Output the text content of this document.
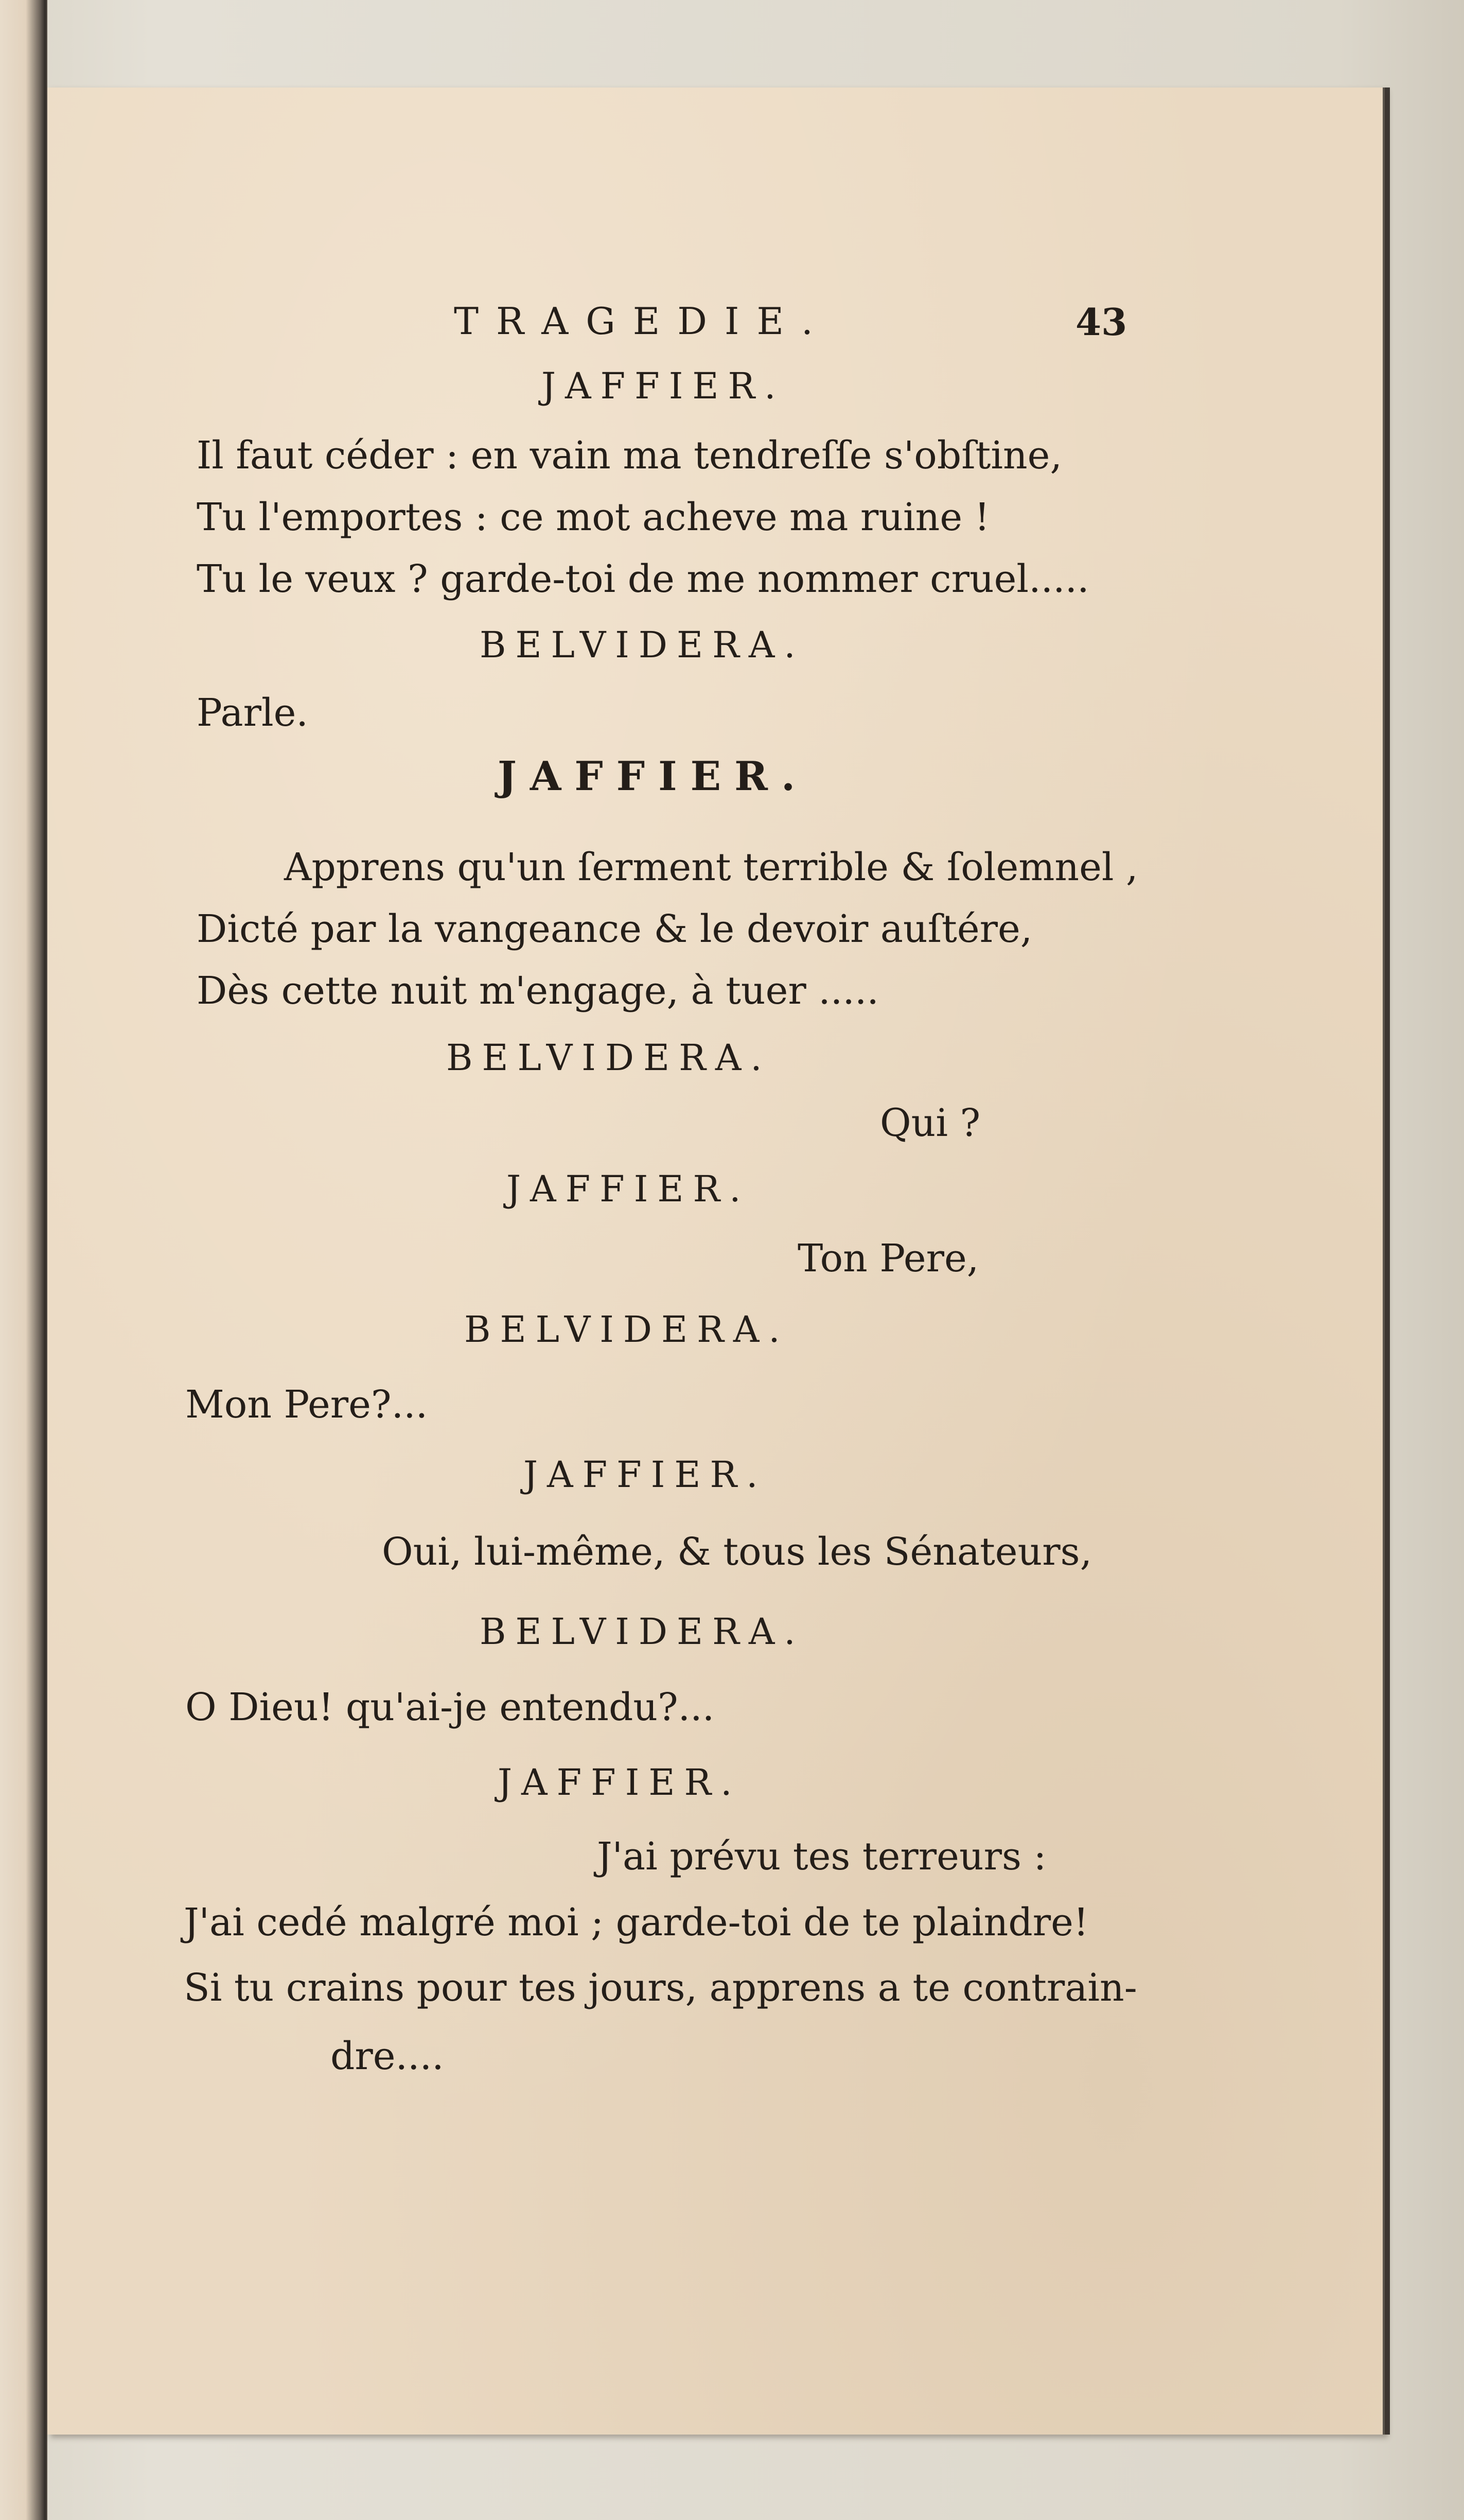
TRAGEDIE.	43
JAFFIER.
Il faut céder : en vain ma tendreſſe s'obſtine,
Tu l'emportes : ce mot acheve ma ruine !
Tu le veux ? garde-toi de me nommer cruel.....
BELVIDERA.
Parle.
JAFFIER.
Apprens qu'un ſerment terrible & ſolemnel ,
Dicté par la vangeance & le devoir auſtére,
Dès cette nuit m'engage, à tuer .....
BELVIDERA.
Qui ?
JAFFIER.
Ton Pere,
BELVIDERA.
Mon Pere?...
JAFFIER.
Oui, lui-même, & tous les Sénateurs,
BELVIDERA.
O Dieu! qu'ai-je entendu?...
JAFFIER.
J'ai prévu tes terreurs :
J'ai cedé malgré moi ; garde-toi de te plaindre!
Si tu crains pour tes jours, apprens a te contrain-
dre....
